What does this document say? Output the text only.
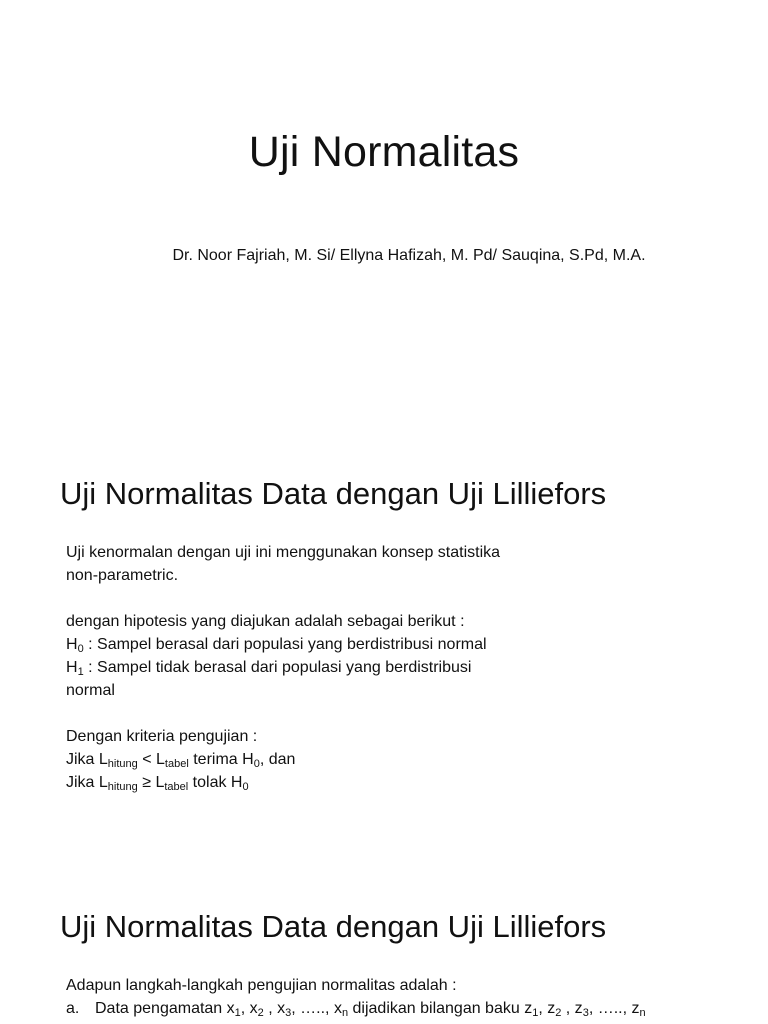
Uji Normalitas
Dr. Noor Fajriah, M. Si/ Ellyna Hafizah, M. Pd/ Sauqina, S.Pd, M.A.
Uji Normalitas Data dengan Uji Lilliefors
Uji kenormalan dengan uji ini menggunakan konsep statistika
non-parametric.
dengan hipotesis yang diajukan adalah sebagai berikut :
$H_0$ : Sampel berasal dari populasi yang berdistribusi normal
$H_1$ : Sampel tidak berasal dari populasi yang berdistribusi
normal
Dengan kriteria pengujian :
Jika $L_{hitung} < L_{tabel}$ terima $H_0$, dan
Jika $L_{hitung} \ge L_{tabel}$ tolak $H_0$
Uji Normalitas Data dengan Uji Lilliefors
Adapun langkah-langkah pengujian normalitas adalah :
a. Data pengamatan $x_1$, $x_2$ , $x_3$, ….., $x_n$ dijadikan bilangan baku $z_1$, $z_2$ , $z_3$, ….., $z_n$
